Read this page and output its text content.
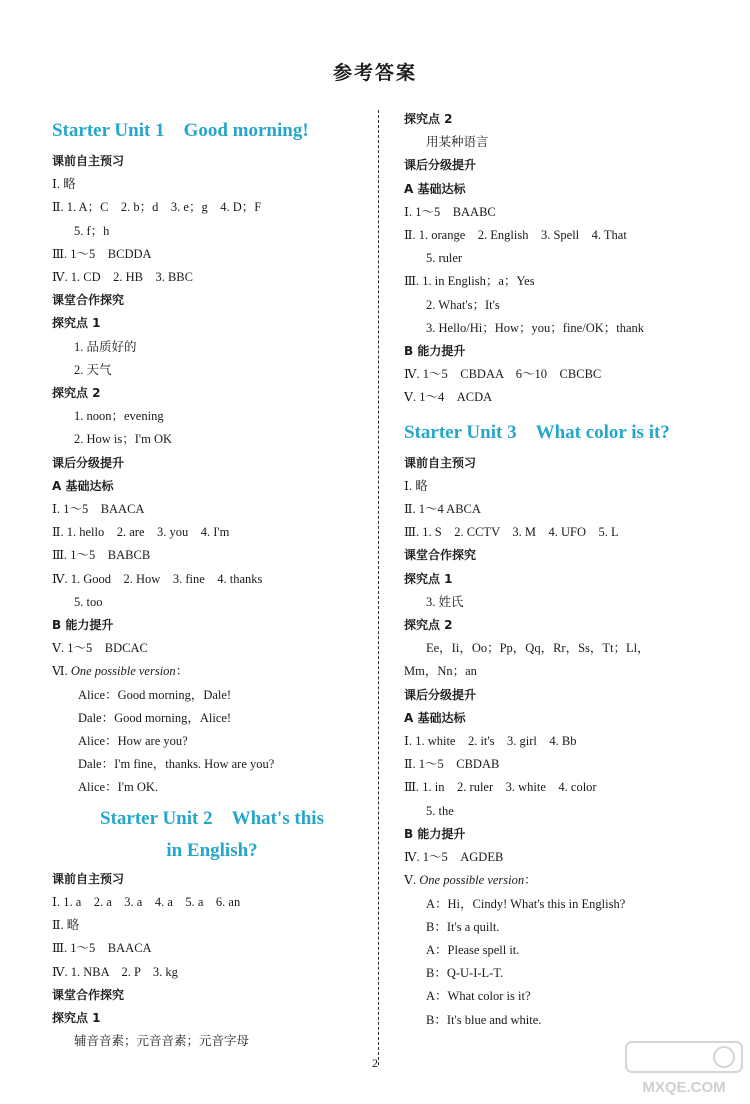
参考答案
Starter Unit 1　Good morning!
课前自主预习
Ⅰ. 略
Ⅱ. 1. A；C　2. b；d　3. e；g　4. D；F
5. f；h
Ⅲ. 1～5　BCDDA
Ⅳ. 1. CD　2. HB　3. BBC
课堂合作探究
探究点 1
1. 品质好的
2. 天气
探究点 2
1. noon；evening
2. How is；I'm OK
课后分级提升
A 基础达标
Ⅰ. 1～5　BAACA
Ⅱ. 1. hello　2. are　3. you　4. I'm
Ⅲ. 1～5　BABCB
Ⅳ. 1. Good　2. How　3. fine　4. thanks
5. too
B 能力提升
Ⅴ. 1～5　BDCAC
Ⅵ. One possible version：
Alice：Good morning，Dale!
Dale：Good morning，Alice!
Alice：How are you?
Dale：I'm fine，thanks. How are you?
Alice：I'm OK.
Starter Unit 2　What's this
in English?
课前自主预习
Ⅰ. 1. a　2. a　3. a　4. a　5. a　6. an
Ⅱ. 略
Ⅲ. 1～5　BAACA
Ⅳ. 1. NBA　2. P　3. kg
课堂合作探究
探究点 1
辅音音素；元音音素；元音字母
探究点 2
用某种语言
课后分级提升
A 基础达标
Ⅰ. 1～5　BAABC
Ⅱ. 1. orange　2. English　3. Spell　4. That
5. ruler
Ⅲ. 1. in English；a；Yes
2. What's；It's
3. Hello/Hi；How；you；fine/OK；thank
B 能力提升
Ⅳ. 1～5　CBDAA　6～10　CBCBC
Ⅴ. 1～4　ACDA
Starter Unit 3　What color is it?
课前自主预习
Ⅰ. 略
Ⅱ. 1～4 ABCA
Ⅲ. 1. S　2. CCTV　3. M　4. UFO　5. L
课堂合作探究
探究点 1
3. 姓氏
探究点 2
Ee，Ii，Oo；Pp，Qq，Rr，Ss，Tt；Ll，
Mm，Nn；an
课后分级提升
A 基础达标
Ⅰ. 1. white　2. it's　3. girl　4. Bb
Ⅱ. 1～5　CBDAB
Ⅲ. 1. in　2. ruler　3. white　4. color
5. the
B 能力提升
Ⅳ. 1～5　AGDEB
Ⅴ. One possible version：
A：Hi，Cindy! What's this in English?
B：It's a quilt.
A：Please spell it.
B：Q-U-I-L-T.
A：What color is it?
B：It's blue and white.
2
MXQE.COM
